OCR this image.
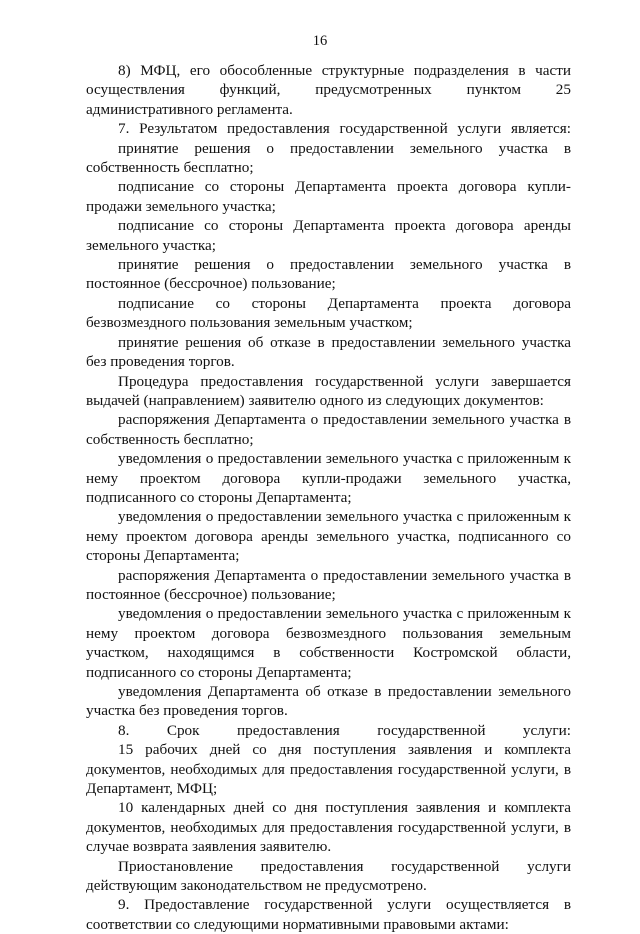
16

8) МФЦ, его обособленные структурные подразделения в части осуществления функций, предусмотренных пунктом 25 административного регламента.

7. Результатом предоставления государственной услуги является:

принятие решения о предоставлении земельного участка в собственность бесплатно;

подписание со стороны Департамента проекта договора купли-продажи земельного участка;

подписание со стороны Департамента проекта договора аренды земельного участка;

принятие решения о предоставлении земельного участка в постоянное (бессрочное) пользование;

подписание со стороны Департамента проекта договора безвозмездного пользования земельным участком;

принятие решения об отказе в предоставлении земельного участка без проведения торгов.

Процедура предоставления государственной услуги завершается выдачей (направлением) заявителю одного из следующих документов:

распоряжения Департамента о предоставлении земельного участка в собственность бесплатно;

уведомления о предоставлении земельного участка с приложенным к нему проектом договора купли-продажи земельного участка, подписанного со стороны Департамента;

уведомления о предоставлении земельного участка с приложенным к нему проектом договора аренды земельного участка, подписанного со стороны Департамента;

распоряжения Департамента о предоставлении земельного участка в постоянное (бессрочное) пользование;

уведомления о предоставлении земельного участка с приложенным к нему проектом договора безвозмездного пользования земельным участком, находящимся в собственности Костромской области, подписанного со стороны Департамента;

уведомления Департамента об отказе в предоставлении земельного участка без проведения торгов.

8. Срок предоставления государственной услуги:

15 рабочих дней со дня поступления заявления и комплекта документов, необходимых для предоставления государственной услуги, в Департамент, МФЦ;

10 календарных дней со дня поступления заявления и комплекта документов, необходимых для предоставления государственной услуги, в случае возврата заявления заявителю.

Приостановление предоставления государственной услуги действующим законодательством не предусмотрено.

9. Предоставление государственной услуги осуществляется в соответствии со следующими нормативными правовыми актами:
